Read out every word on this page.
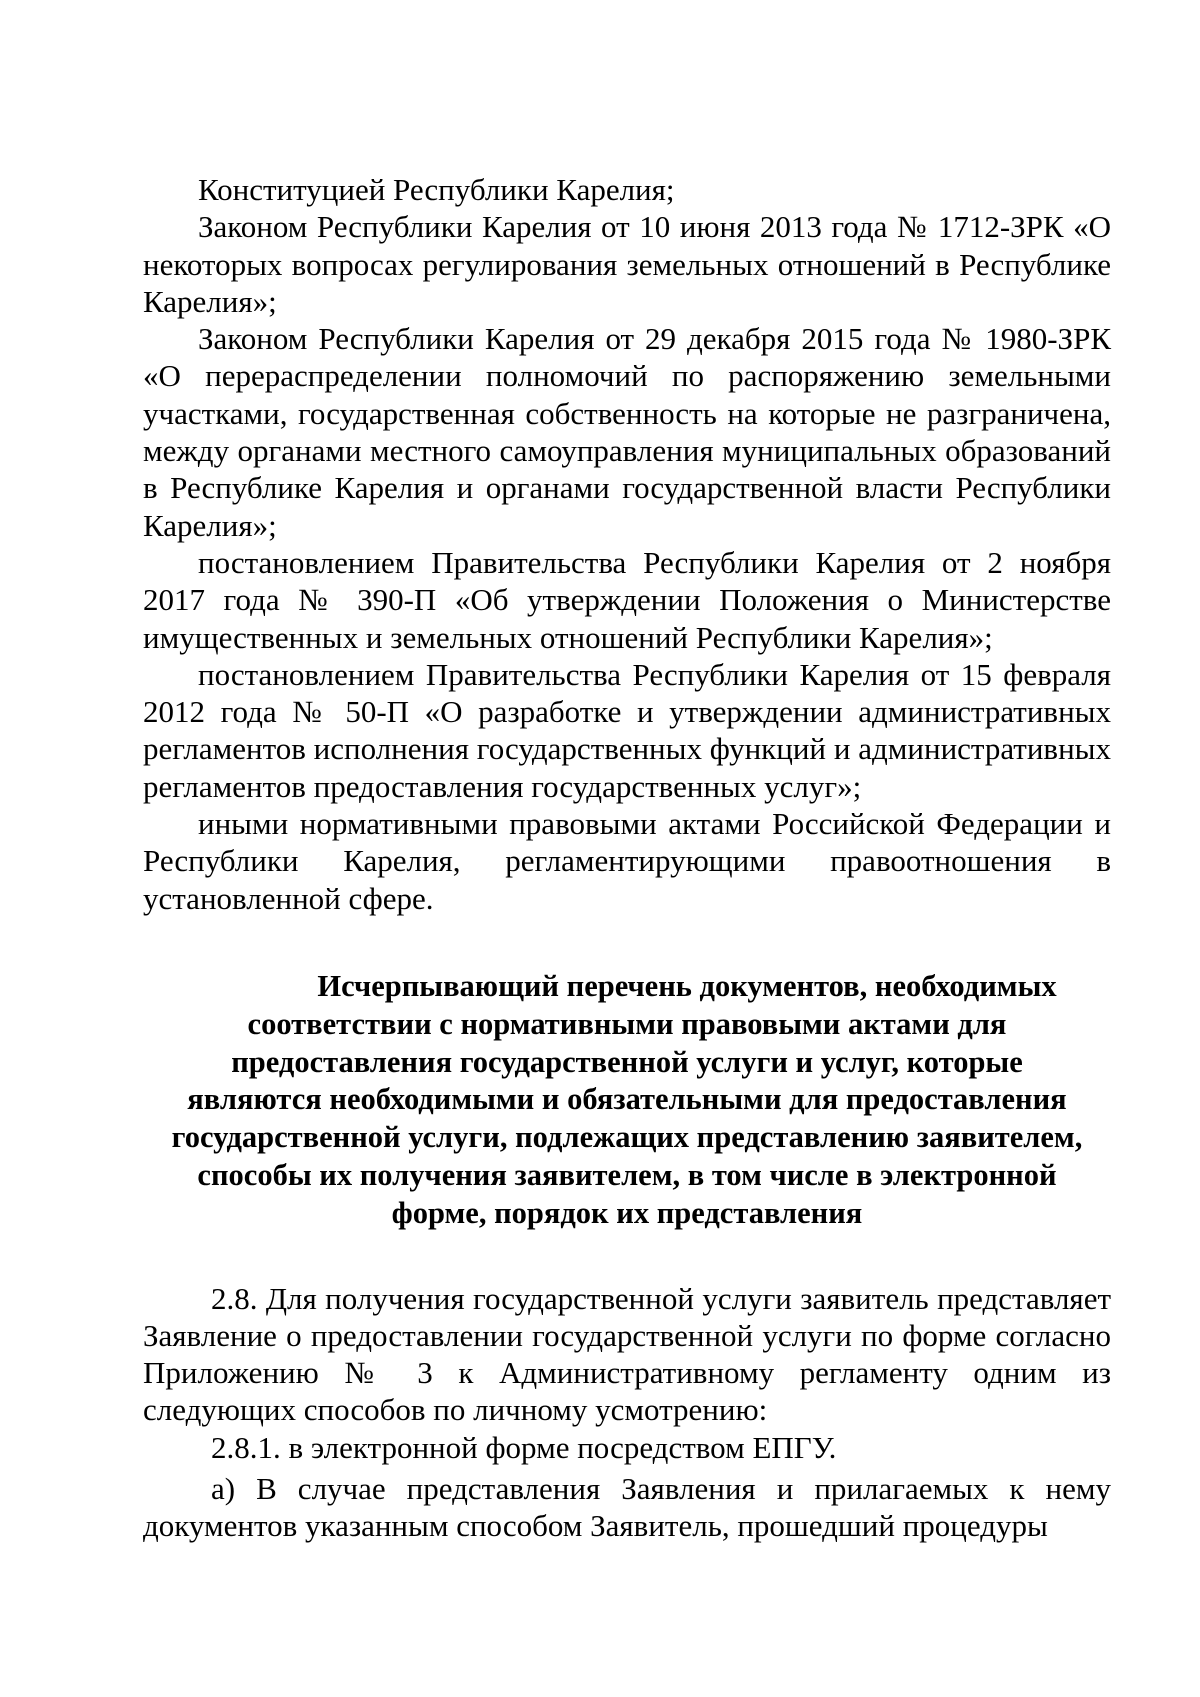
Конституцией Республики Карелия;

Законом Республики Карелия от 10 июня 2013 года № 1712-ЗРК «О некоторых вопросах регулирования земельных отношений в Республике Карелия»;

Законом Республики Карелия от 29 декабря 2015 года № 1980-ЗРК «О перераспределении полномочий по распоряжению земельными участками, государственная собственность на которые не разграничена, между органами местного самоуправления муниципальных образований в Республике Карелия и органами государственной власти Республики Карелия»;

постановлением Правительства Республики Карелия от 2 ноября 2017 года № 390-П «Об утверждении Положения о Министерстве имущественных и земельных отношений Республики Карелия»;

постановлением Правительства Республики Карелия от 15 февраля 2012 года № 50-П «О разработке и утверждении административных регламентов исполнения государственных функций и административных регламентов предоставления государственных услуг»;

иными нормативными правовыми актами Российской Федерации и Республики Карелия, регламентирующими правоотношения в установленной сфере.

Исчерпывающий перечень документов, необходимых
соответствии с нормативными правовыми актами для
предоставления государственной услуги и услуг, которые
являются необходимыми и обязательными для предоставления
государственной услуги, подлежащих представлению заявителем,
способы их получения заявителем, в том числе в электронной
форме, порядок их представления

2.8. Для получения государственной услуги заявитель представляет Заявление о предоставлении государственной услуги по форме согласно Приложению № 3 к Административному регламенту одним из следующих способов по личному усмотрению:

2.8.1. в электронной форме посредством ЕПГУ.

а) В случае представления Заявления и прилагаемых к нему документов указанным способом Заявитель, прошедший процедуры
